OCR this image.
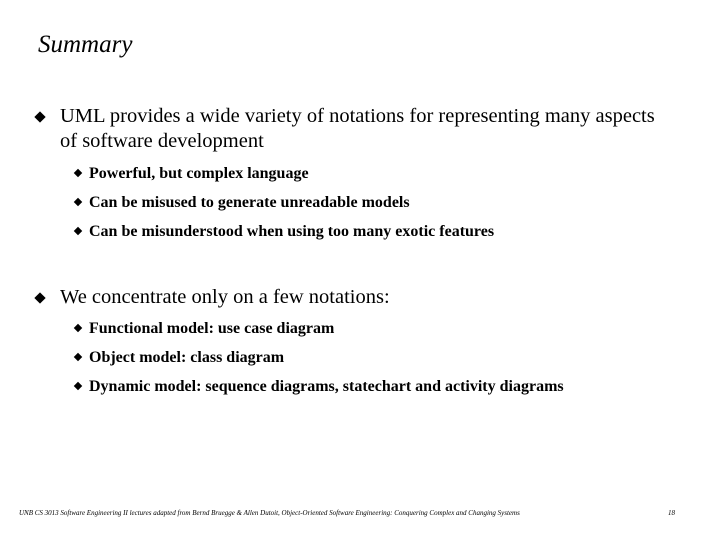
Summary
UML provides a wide variety of notations for representing many aspects of software development
Powerful, but complex language
Can be misused to generate unreadable models
Can be misunderstood when using too many exotic features
We concentrate only on a few notations:
Functional model: use case diagram
Object model: class diagram
Dynamic model: sequence diagrams, statechart and activity diagrams
UNB CS 3013 Software Engineering II lectures adapted from Bernd Bruegge & Allen Dutoit, Object-Oriented Software Engineering: Conquering Complex and Changing Systems	18
